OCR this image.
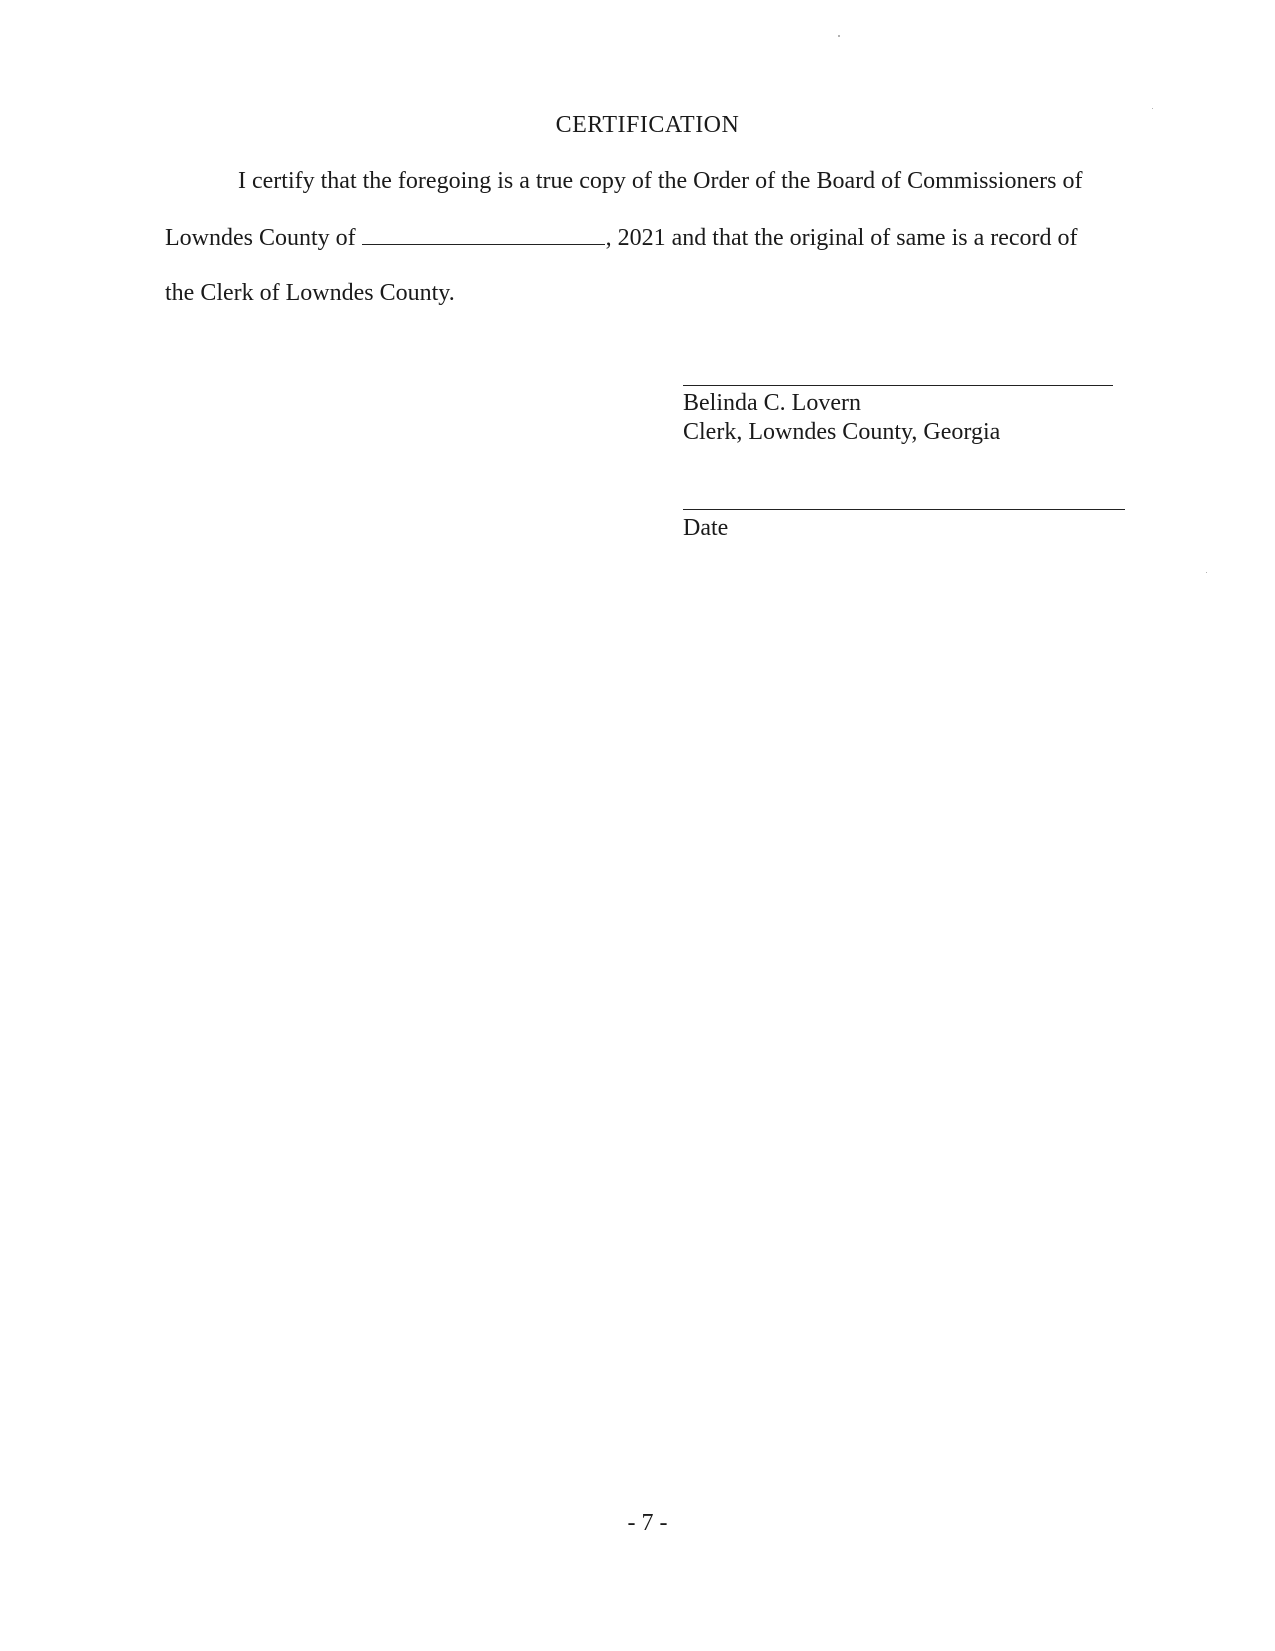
CERTIFICATION
I certify that the foregoing is a true copy of the Order of the Board of Commissioners of
Lowndes County of	, 2021 and that the original of same is a record of
the Clerk of Lowndes County.
Belinda C. Lovern
Clerk, Lowndes County, Georgia
Date
- 7 -
